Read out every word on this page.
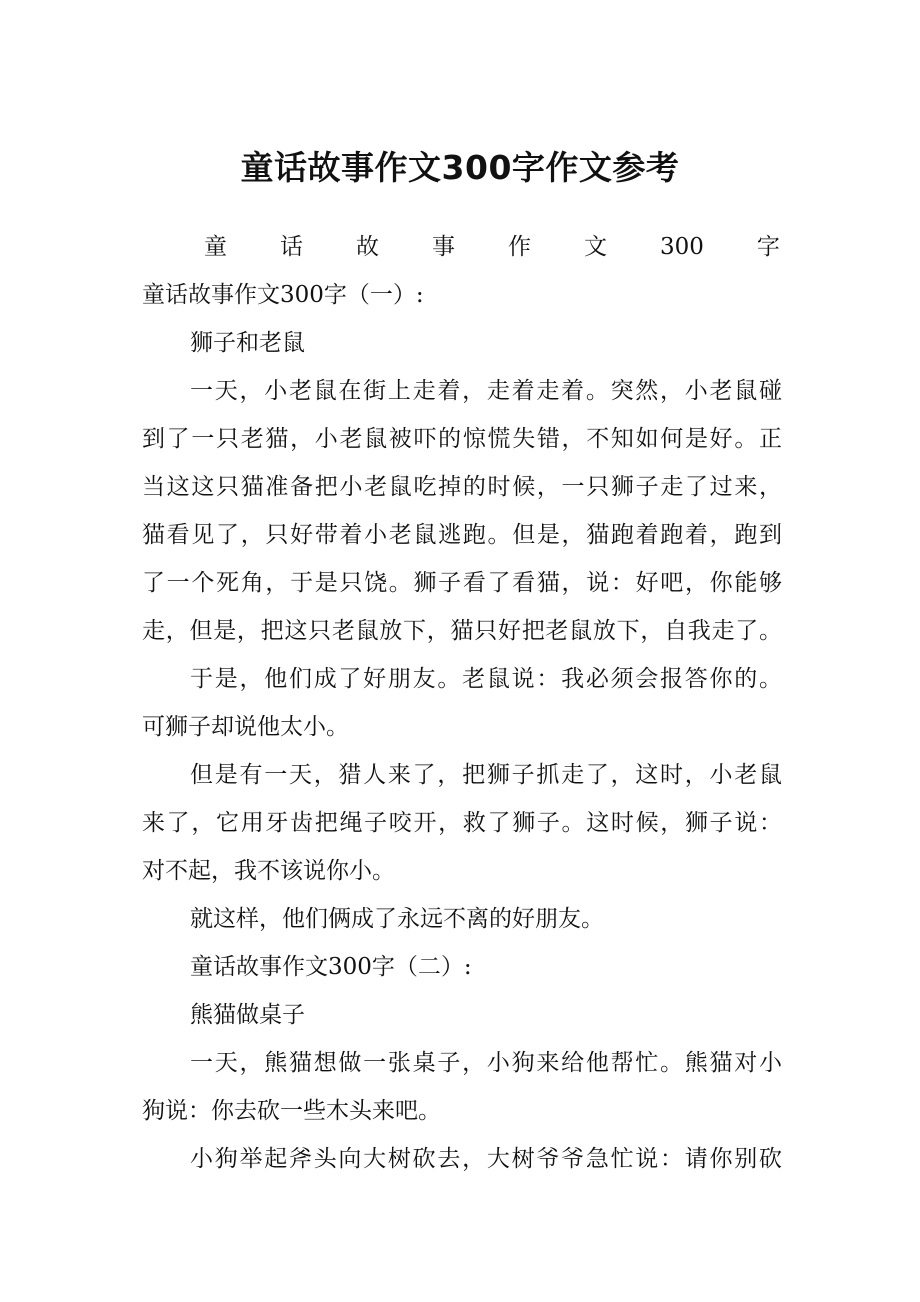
童话故事作文300字作文参考
童 话 故 事 作 文 300 字

童话故事作文300字（一）:

狮子和老鼠

一天，小老鼠在街上走着，走着走着。突然，小老鼠碰

到了一只老猫，小老鼠被吓的惊慌失错，不知如何是好。正

当这这只猫准备把小老鼠吃掉的时候，一只狮子走了过来，

猫看见了，只好带着小老鼠逃跑。但是，猫跑着跑着，跑到

了一个死角，于是只饶。狮子看了看猫，说：好吧，你能够

走，但是，把这只老鼠放下，猫只好把老鼠放下，自我走了。

于是，他们成了好朋友。老鼠说：我必须会报答你的。

可狮子却说他太小。

但是有一天，猎人来了，把狮子抓走了，这时，小老鼠

来了，它用牙齿把绳子咬开，救了狮子。这时候，狮子说：

对不起，我不该说你小。

就这样，他们俩成了永远不离的好朋友。

童话故事作文300字（二）:

熊猫做桌子

一天，熊猫想做一张桌子，小狗来给他帮忙。熊猫对小

狗说：你去砍一些木头来吧。

小狗举起斧头向大树砍去，大树爷爷急忙说：请你别砍
